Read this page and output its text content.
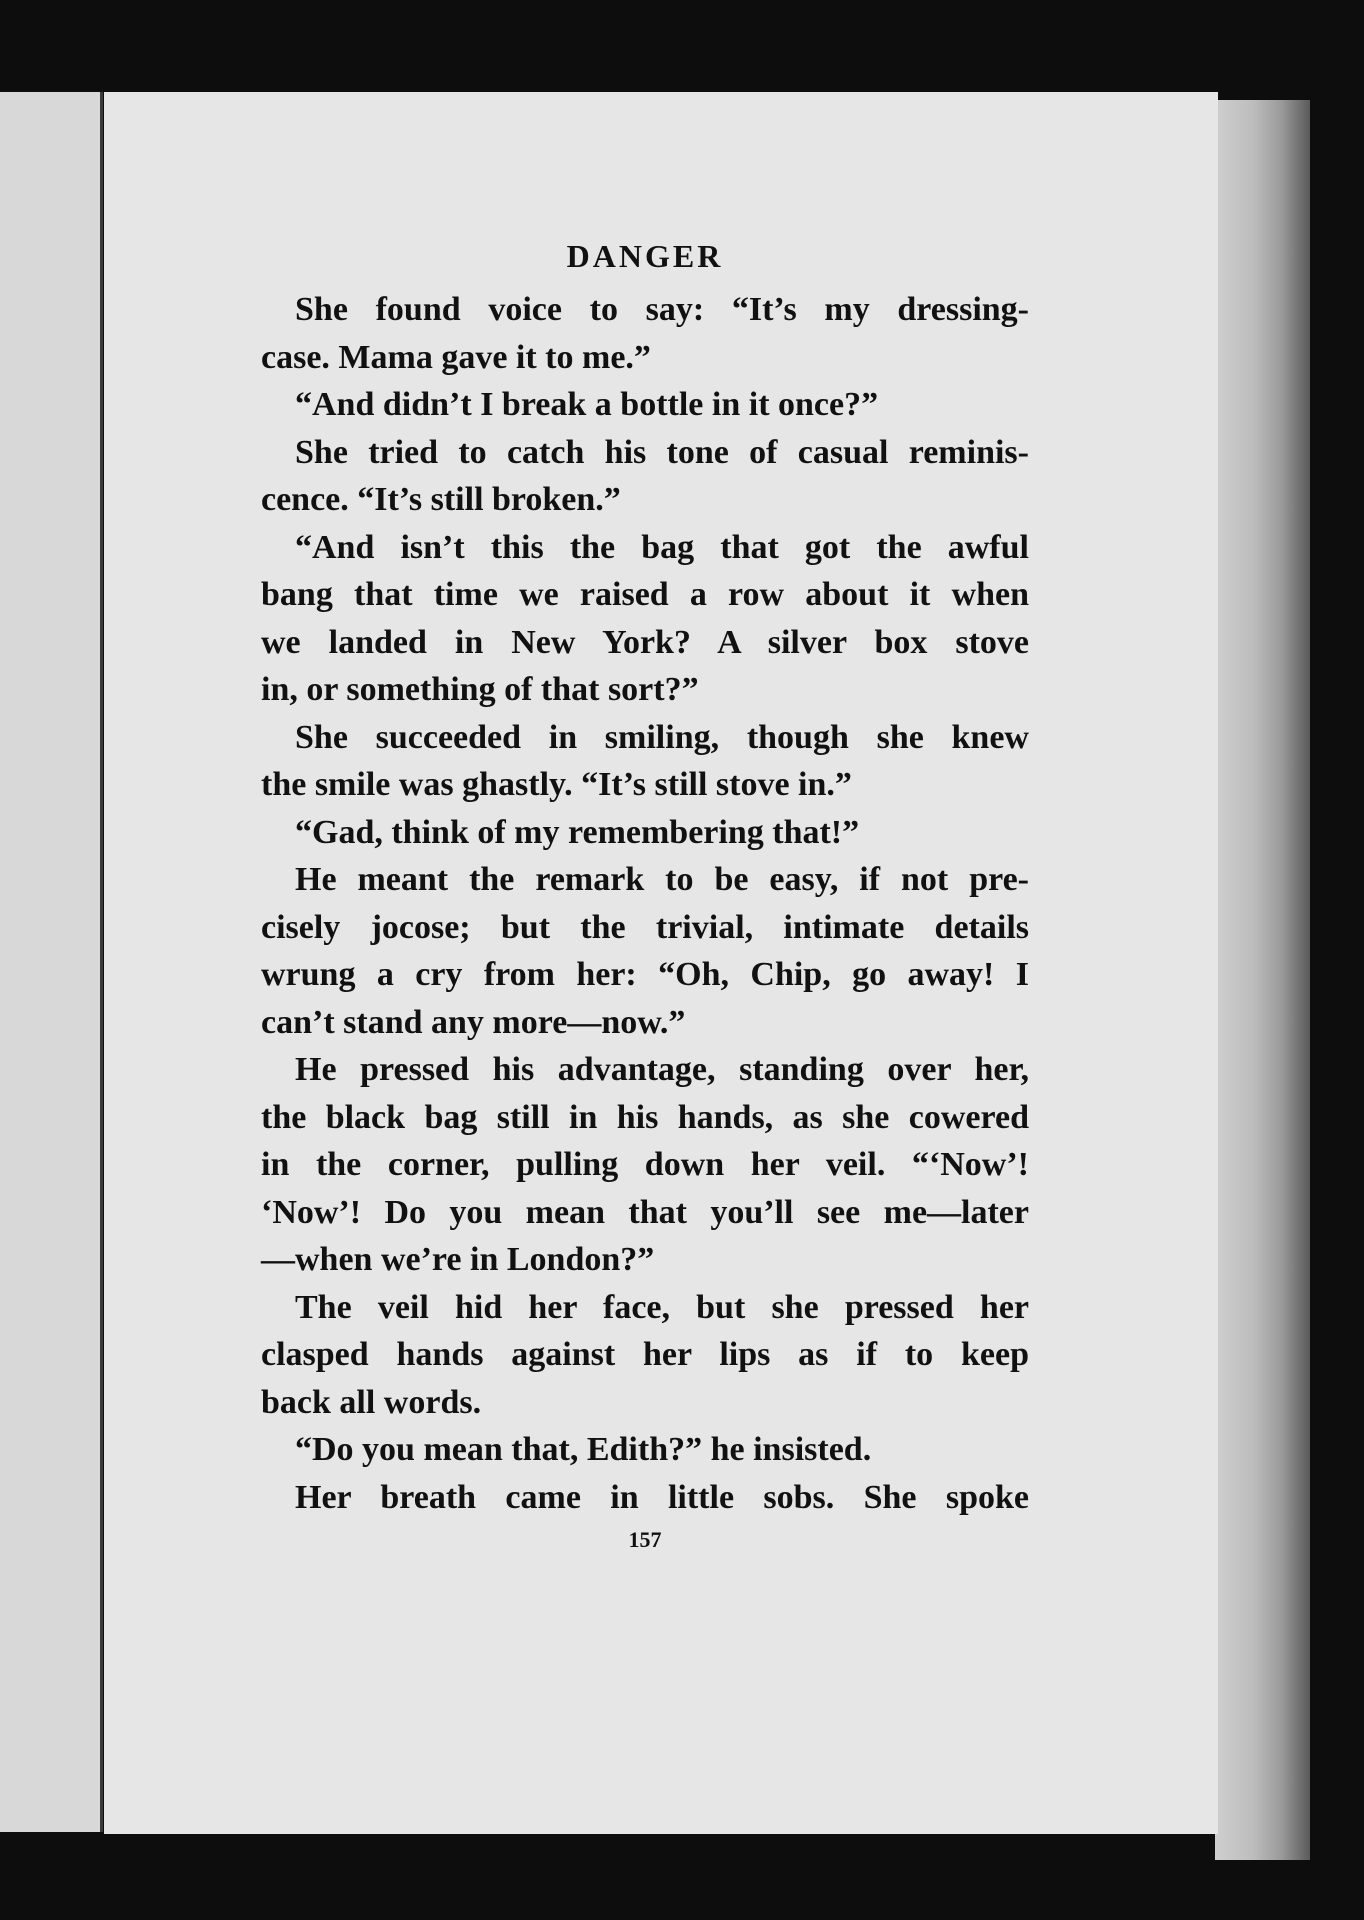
DANGER
She found voice to say: “It’s my dressing-
case. Mama gave it to me.”
“And didn’t I break a bottle in it once?”
She tried to catch his tone of casual reminis-
cence. “It’s still broken.”
“And isn’t this the bag that got the awful
bang that time we raised a row about it when
we landed in New York? A silver box stove
in, or something of that sort?”
She succeeded in smiling, though she knew
the smile was ghastly. “It’s still stove in.”
“Gad, think of my remembering that!”
He meant the remark to be easy, if not pre-
cisely jocose; but the trivial, intimate details
wrung a cry from her: “Oh, Chip, go away! I
can’t stand any more—now.”
He pressed his advantage, standing over her,
the black bag still in his hands, as she cowered
in the corner, pulling down her veil. “‘Now’!
‘Now’! Do you mean that you’ll see me—later
—when we’re in London?”
The veil hid her face, but she pressed her
clasped hands against her lips as if to keep
back all words.
“Do you mean that, Edith?” he insisted.
Her breath came in little sobs. She spoke
157
